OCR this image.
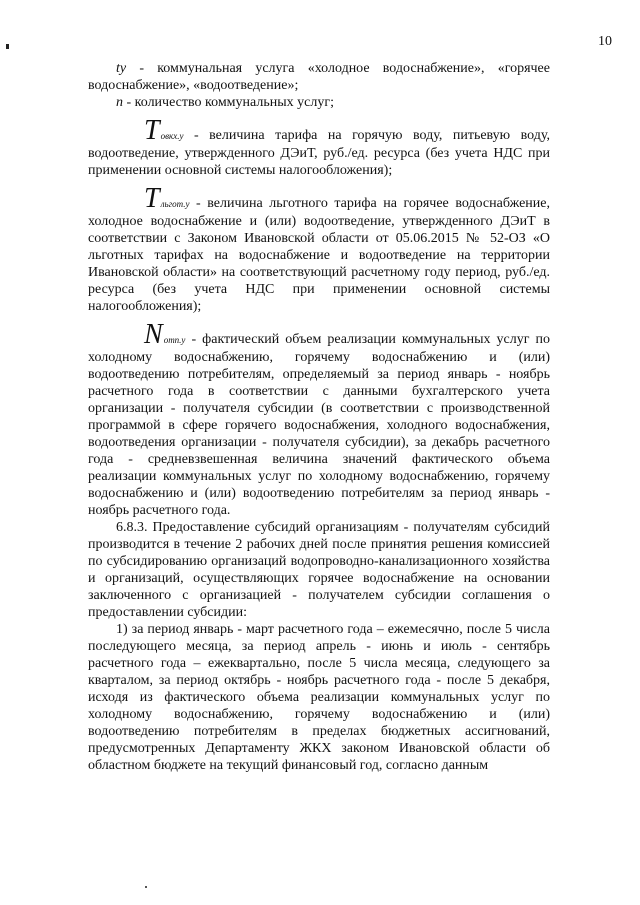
10

ty - коммунальная услуга «холодное водоснабжение», «горячее водоснабжение», «водоотведение»;

n - количество коммунальных услуг;

Tовкх.у - величина тарифа на горячую воду, питьевую воду, водоотведение, утвержденного ДЭиТ, руб./ед. ресурса (без учета НДС при применении основной системы налогообложения);

Tльгот.у - величина льготного тарифа на горячее водоснабжение, холодное водоснабжение и (или) водоотведение, утвержденного ДЭиТ в соответствии с Законом Ивановской области от 05.06.2015 № 52-ОЗ «О льготных тарифах на водоснабжение и водоотведение на территории Ивановской области» на соответствующий расчетному году период, руб./ед. ресурса (без учета НДС при применении основной системы налогообложения);

Nотп.у - фактический объем реализации коммунальных услуг по холодному водоснабжению, горячему водоснабжению и (или) водоотведению потребителям, определяемый за период январь - ноябрь расчетного года в соответствии с данными бухгалтерского учета организации - получателя субсидии (в соответствии с производственной программой в сфере горячего водоснабжения, холодного водоснабжения, водоотведения организации - получателя субсидии), за декабрь расчетного года - средневзвешенная величина значений фактического объема реализации коммунальных услуг по холодному водоснабжению, горячему водоснабжению и (или) водоотведению потребителям за период январь - ноябрь расчетного года.

6.8.3. Предоставление субсидий организациям - получателям субсидий производится в течение 2 рабочих дней после принятия решения комиссией по субсидированию организаций водопроводно-канализационного хозяйства и организаций, осуществляющих горячее водоснабжение на основании заключенного с организацией - получателем субсидии соглашения о предоставлении субсидии:

1) за период январь - март расчетного года – ежемесячно, после 5 числа последующего месяца, за период апрель - июнь и июль - сентябрь расчетного года – ежеквартально, после 5 числа месяца, следующего за кварталом, за период октябрь - ноябрь расчетного года - после 5 декабря, исходя из фактического объема реализации коммунальных услуг по холодному водоснабжению, горячему водоснабжению и (или) водоотведению потребителям в пределах бюджетных ассигнований, предусмотренных Департаменту ЖКХ законом Ивановской области об областном бюджете на текущий финансовый год, согласно данным
